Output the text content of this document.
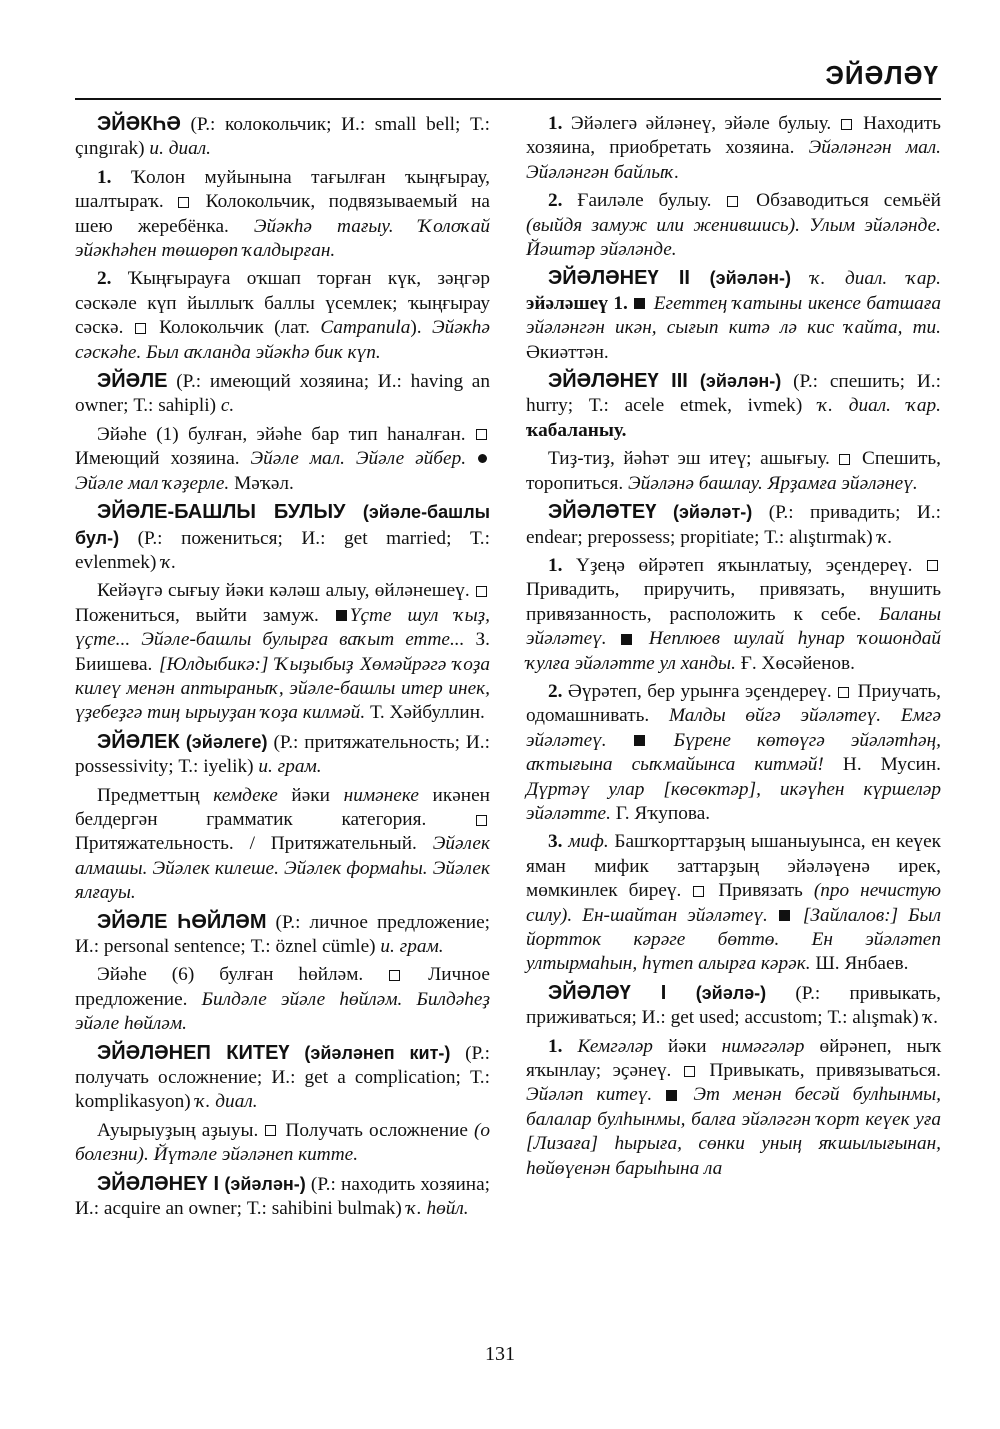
ЭЙӘЛӘҮ

ЭЙӘКҺӘ (Р.: колокольчик; И.: small bell; Т.: çıngırak) и. диал.

1. Ҡолон муйынына тағылған ҡыңғырау, шалтыраҡ.  Колокольчик, подвязываемый на шею жеребёнка. Эйәкһә тағыу. Ҡолоҡай эйәкһәһен төшөрөп ҡалдырған.

2. Ҡыңғырауға оҡшап торған күк, зәңгәр сәскәле күп йыллыҡ баллы үсемлек; ҡыңғырау сәскә.  Колокольчик (лат. Campanula). Эйәкһә сәскәһе. Был аҡланда эйәкһә бик күп.

ЭЙӘЛЕ (Р.: имеющий хозяина; И.: having an owner; Т.: sahipli) с.

Эйәһе (1) булған, эйәһе бар тип һаналған.  Имеющий хозяина. Эйәле мал. Эйәле әйбер. Эйәле мал ҡәҙерле. Мәҡәл.

ЭЙӘЛЕ-БАШЛЫ БУЛЫУ (эйәле-башлы бул-) (Р.: пожениться; И.: get married; Т.: evlenmek) ҡ.

Кейәүгә сығыу йәки кәләш алыу, өйләнешеү.  Пожениться, выйти замуж. Үҫте шул ҡыҙ, үҫте... Эйәле-башлы булырға ваҡыт етте... З. Биишева. [Юлдыбикә:] Ҡыҙыбыҙ Хөмәйрәгә ҡоҙа килеү менән аптыраныҡ, эйәле-башлы итер инек, үҙебеҙгә тиң ырыуҙан ҡоҙа килмәй. Т. Хәйбуллин.

ЭЙӘЛЕК (эйәлеге) (Р.: притяжательность; И.: possessivity; Т.: iyelik) и. грам.

Предметтың кемдеке йәки нимәнеке икәнен белдергән грамматик категория.  Притяжательность. / Притяжательный. Эйәлек алмашы. Эйәлек килеше. Эйәлек формаһы. Эйәлек ялғауы.

ЭЙӘЛЕ ҺӨЙЛӘМ (Р.: личное предложение; И.: personal sentence; Т.: öznel cümle) и. грам.

Эйәһе (6) булған һөйләм.  Личное предложение. Билдәле эйәле һөйләм. Билдәһеҙ эйәле һөйләм.

ЭЙӘЛӘНЕП КИТЕҮ (эйәләнеп кит-) (Р.: получать осложнение; И.: get a complication; Т.: komplikasyon) ҡ. диал.

Ауырыуҙың аҙыуы.  Получать осложнение (о болезни). Йүтәле эйәләнеп китте.

ЭЙӘЛӘНЕҮ I (эйәлән-) (Р.: находить хозяина; И.: acquire an owner; Т.: sahibini bulmak) ҡ. һөйл.

1. Эйәлегә әйләнеү, эйәле булыу.  Находить хозяина, приобретать хозяина. Эйәләнгән мал. Эйәләнгән байлыҡ.

2. Ғаиләле булыу.  Обзаводиться семьёй (выйдя замуж или женившись). Улым эйәләнде. Йәштәр эйәләнде.

ЭЙӘЛӘНЕҮ II (эйәлән-) ҡ. диал. ҡар. эйәләшеү 1.  Егеттең ҡатыны икенсе батшаға эйәләнгән икән, сығып китә лә кис ҡайта, ти. Әкиәттән.

ЭЙӘЛӘНЕҮ III (эйәлән-) (Р.: спешить; И.: hurry; Т.: acele etmek, ivmek) ҡ. диал. ҡар. ҡабаланыу.

Тиҙ-тиҙ, йәһәт эш итеү; ашығыу.  Спешить, торопиться. Эйәләнә башлау. Ярҙамға эйәләнеү.

ЭЙӘЛӘТЕҮ (эйәләт-) (Р.: привадить; И.: endear; prepossess; propitiate; Т.: alıştırmak) ҡ.

1. Үҙеңә өйрәтеп яҡынлатыу, эҫендереү.  Привадить, приручить, привязать, внушить привязанность, расположить к себе. Баланы эйәләтеү.  Неплюев шулай һунар ҡошондай ҡулға эйәләтте ул ханды. Ғ. Хөсәйенов.

2. Әүрәтеп, бер урынға эҫендереү.  Приучать, одомашнивать. Малды өйгә эйәләтеү. Емгә эйәләтеү.  Бүрене көтөүгә эйәләтһәң, аҡтығына сыҡмайынса китмәй! Н. Мусин. Дүртәү улар [көсөктәр], икәүһен күршеләр эйәләтте. Г. Яҡупова.

3. миф. Башҡорттарҙың ышаныуынса, ен кеүек яман мифик заттарҙың эйәләүенә ирек, мөмкинлек биреү.  Привязать (про нечистую силу). Ен-шайтан эйәләтеү.  [Зайлалов:] Был йортток кәрәге бөттө. Ен эйәләтеп ултырмаһын, һүтеп алырға кәрәк. Ш. Янбаев.

ЭЙӘЛӘҮ I (эйәлә-) (Р.: привыкать, приживаться; И.: get used; accustom; Т.: alışmak) ҡ.

1. Кемгәләр йәки нимәгәләр өйрәнеп, ныҡ яҡынлау; эҫәнеү.  Привыкать, привязываться. Эйәләп китеү.  Эт менән бесәй булһынмы, балалар булһынмы, балға эйәләгән ҡорт кеүек уға [Лизаға] һырыға, сөнки уның яҡшылығынан, һөйөүенән барыһына ла

131
